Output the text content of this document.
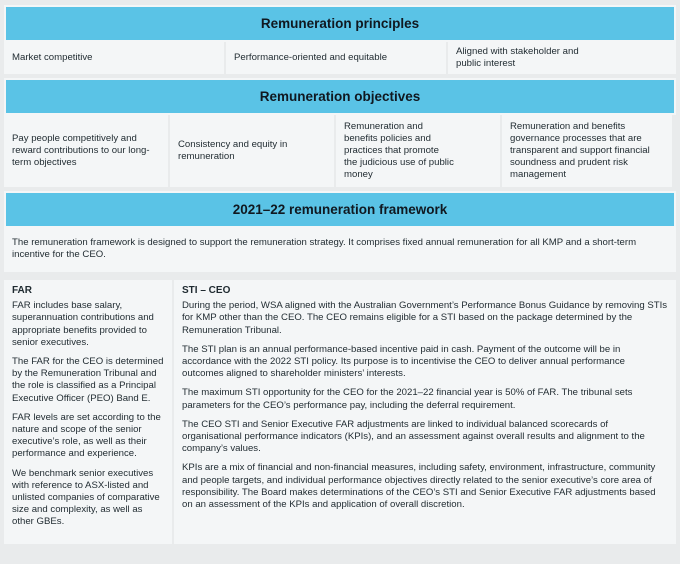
Remuneration principles
Market competitive	Performance-oriented and equitable
Aligned with stakeholder and public interest
Remuneration objectives
Pay people competitively and reward contributions to our long-term objectives
Consistency and equity in remuneration
Remuneration and benefits policies and practices that promote the judicious use of public money
Remuneration and benefits governance processes that are transparent and support financial soundness and prudent risk management
2021–22 remuneration framework

The remuneration framework is designed to support the remuneration strategy. It comprises fixed annual remuneration for all KMP and a short-term incentive for the CEO.

FAR

FAR includes base salary, superannuation contributions and appropriate benefits provided to senior executives.

The FAR for the CEO is determined by the Remuneration Tribunal and the role is classified as a Principal Executive Officer (PEO) Band E.

FAR levels are set according to the nature and scope of the senior executive’s role, as well as their performance and experience.

We benchmark senior executives with reference to ASX-listed and unlisted companies of comparative size and complexity, as well as other GBEs.

STI – CEO

During the period, WSA aligned with the Australian Government’s Performance Bonus Guidance by removing STIs for KMP other than the CEO. The CEO remains eligible for a STI based on the package determined by the Remuneration Tribunal.

The STI plan is an annual performance-based incentive paid in cash. Payment of the outcome will be in accordance with the 2022 STI policy. Its purpose is to incentivise the CEO to deliver annual performance outcomes aligned to shareholder ministers’ interests.

The maximum STI opportunity for the CEO for the 2021–22 financial year is 50% of FAR. The tribunal sets parameters for the CEO’s performance pay, including the deferral requirement.

The CEO STI and Senior Executive FAR adjustments are linked to individual balanced scorecards of organisational performance indicators (KPIs), and an assessment against overall results and alignment to the company’s values.

KPIs are a mix of financial and non-financial measures, including safety, environment, infrastructure, community and people targets, and individual performance objectives directly related to the senior executive’s core area of responsibility. The Board makes determinations of the CEO’s STI and Senior Executive FAR adjustments based on an assessment of the KPIs and application of overall discretion.
